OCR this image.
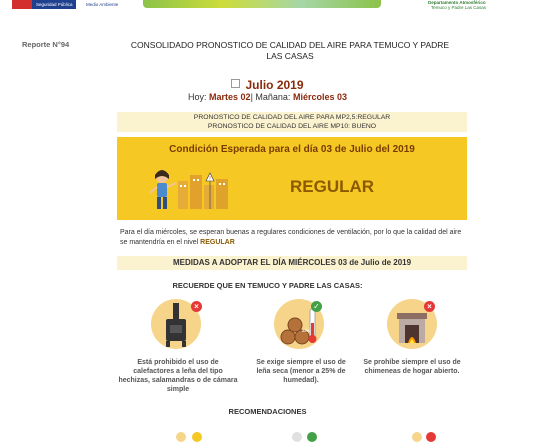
Seguridad Pública	Medio Ambiente	Departamento Atmosférico
Temuco y Padre Las Casas
Reporte N°94	CONSOLIDADO PRONOSTICO DE CALIDAD DEL AIRE PARA TEMUCO Y PADRE LAS CASAS
Julio 2019
Hoy: Martes 02| Mañana: Miércoles 03
PRONOSTICO DE CALIDAD DEL AIRE PARA MP2,5:REGULAR
PRONOSTICO DE CALIDAD DEL AIRE MP10: BUENO
Condición Esperada para el día 03 de Julio del 2019
!	REGULAR
Para el día miércoles, se esperan buenas a regulares condiciones de ventilación, por lo que la calidad del aire se mantendría en el nivel REGULAR
MEDIDAS A ADOPTAR EL DÍA MIÉRCOLES 03 de Julio de 2019
RECUERDE QUE EN TEMUCO Y PADRE LAS CASAS:
×
25%
✓	×
Está prohibido el uso de calefactores a leña del tipo hechizas, salamandras o de cámara simple
Se exige siempre el uso de leña seca (menor a 25% de humedad).
Se prohíbe siempre el uso de chimeneas de hogar abierto.
RECOMENDACIONES
